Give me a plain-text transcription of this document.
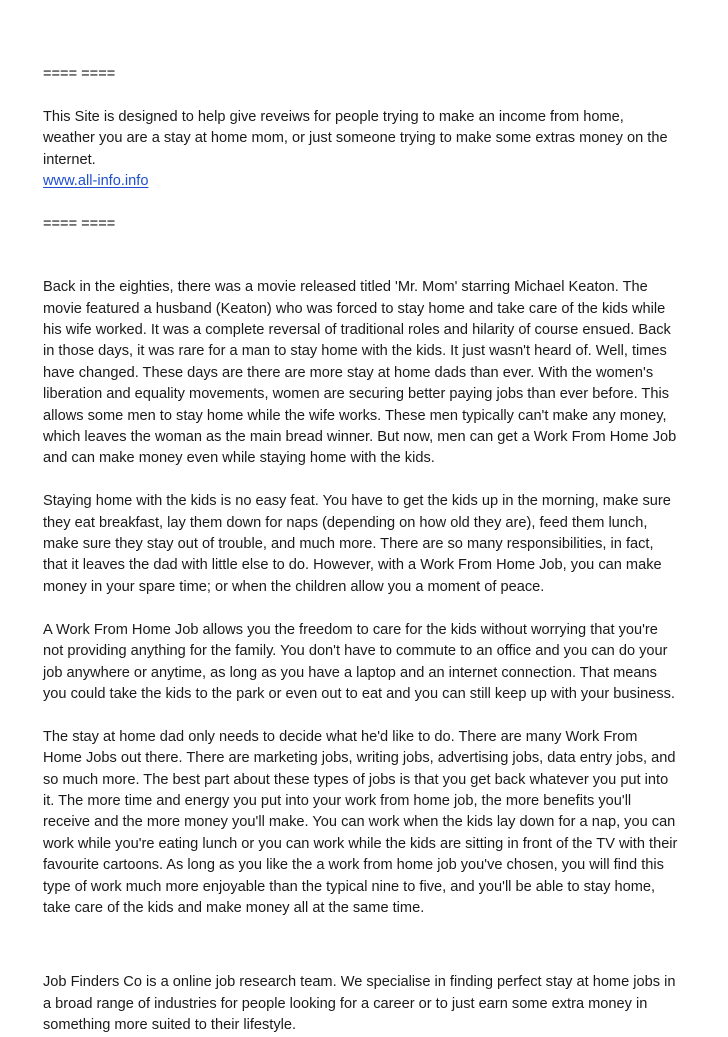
==== ====
This Site is designed to help give reveiws for people trying to make an income from home,
weather you are a stay at home mom, or just someone trying to make some extras money on the
internet.
www.all-info.info
==== ====
Back in the eighties, there was a movie released titled 'Mr. Mom' starring Michael Keaton. The
movie featured a husband (Keaton) who was forced to stay home and take care of the kids while
his wife worked. It was a complete reversal of traditional roles and hilarity of course ensued. Back
in those days, it was rare for a man to stay home with the kids. It just wasn't heard of. Well, times
have changed. These days are there are more stay at home dads than ever. With the women's
liberation and equality movements, women are securing better paying jobs than ever before. This
allows some men to stay home while the wife works. These men typically can't make any money,
which leaves the woman as the main bread winner. But now, men can get a Work From Home Job
and can make money even while staying home with the kids.
Staying home with the kids is no easy feat. You have to get the kids up in the morning, make sure
they eat breakfast, lay them down for naps (depending on how old they are), feed them lunch,
make sure they stay out of trouble, and much more. There are so many responsibilities, in fact,
that it leaves the dad with little else to do. However, with a Work From Home Job, you can make
money in your spare time; or when the children allow you a moment of peace.
A Work From Home Job allows you the freedom to care for the kids without worrying that you're
not providing anything for the family. You don't have to commute to an office and you can do your
job anywhere or anytime, as long as you have a laptop and an internet connection. That means
you could take the kids to the park or even out to eat and you can still keep up with your business.
The stay at home dad only needs to decide what he'd like to do. There are many Work From
Home Jobs out there. There are marketing jobs, writing jobs, advertising jobs, data entry jobs, and
so much more. The best part about these types of jobs is that you get back whatever you put into
it. The more time and energy you put into your work from home job, the more benefits you'll
receive and the more money you'll make. You can work when the kids lay down for a nap, you can
work while you're eating lunch or you can work while the kids are sitting in front of the TV with their
favourite cartoons. As long as you like the a work from home job you've chosen, you will find this
type of work much more enjoyable than the typical nine to five, and you'll be able to stay home,
take care of the kids and make money all at the same time.
Job Finders Co is a online job research team. We specialise in finding perfect stay at home jobs in
a broad range of industries for people looking for a career or to just earn some extra money in
something more suited to their lifestyle.
